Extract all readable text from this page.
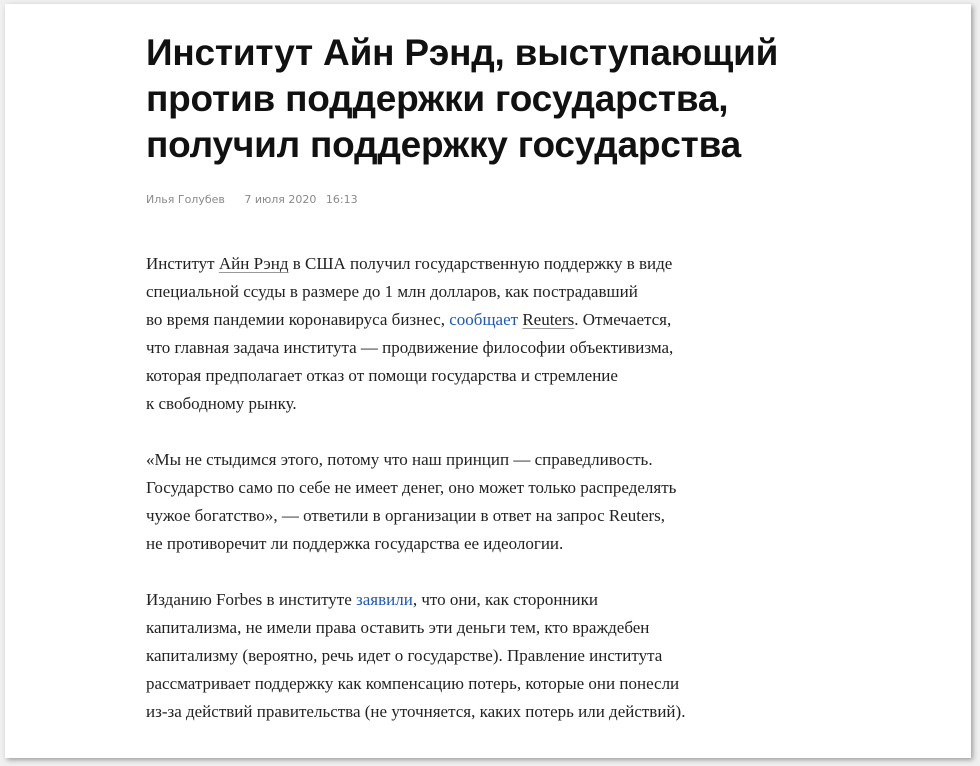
Институт Айн Рэнд, выступающий
против поддержки государства,
получил поддержку государства
Илья Голубев 7 июля 2020 16:13

Институт Айн Рэнд в США получил государственную поддержку в виде
специальной ссуды в размере до 1 млн долларов, как пострадавший
во время пандемии коронавируса бизнес, сообщает Reuters. Отмечается,
что главная задача института — продвижение философии объективизма,
которая предполагает отказ от помощи государства и стремление
к свободному рынку.

«Мы не стыдимся этого, потому что наш принцип — справедливость.
Государство само по себе не имеет денег, оно может только распределять
чужое богатство», — ответили в организации в ответ на запрос Reuters,
не противоречит ли поддержка государства ее идеологии.

Изданию Forbes в институте заявили, что они, как сторонники
капитализма, не имели права оставить эти деньги тем, кто враждебен
капитализму (вероятно, речь идет о государстве). Правление института
рассматривает поддержку как компенсацию потерь, которые они понесли
из-за действий правительства (не уточняется, каких потерь или действий).
